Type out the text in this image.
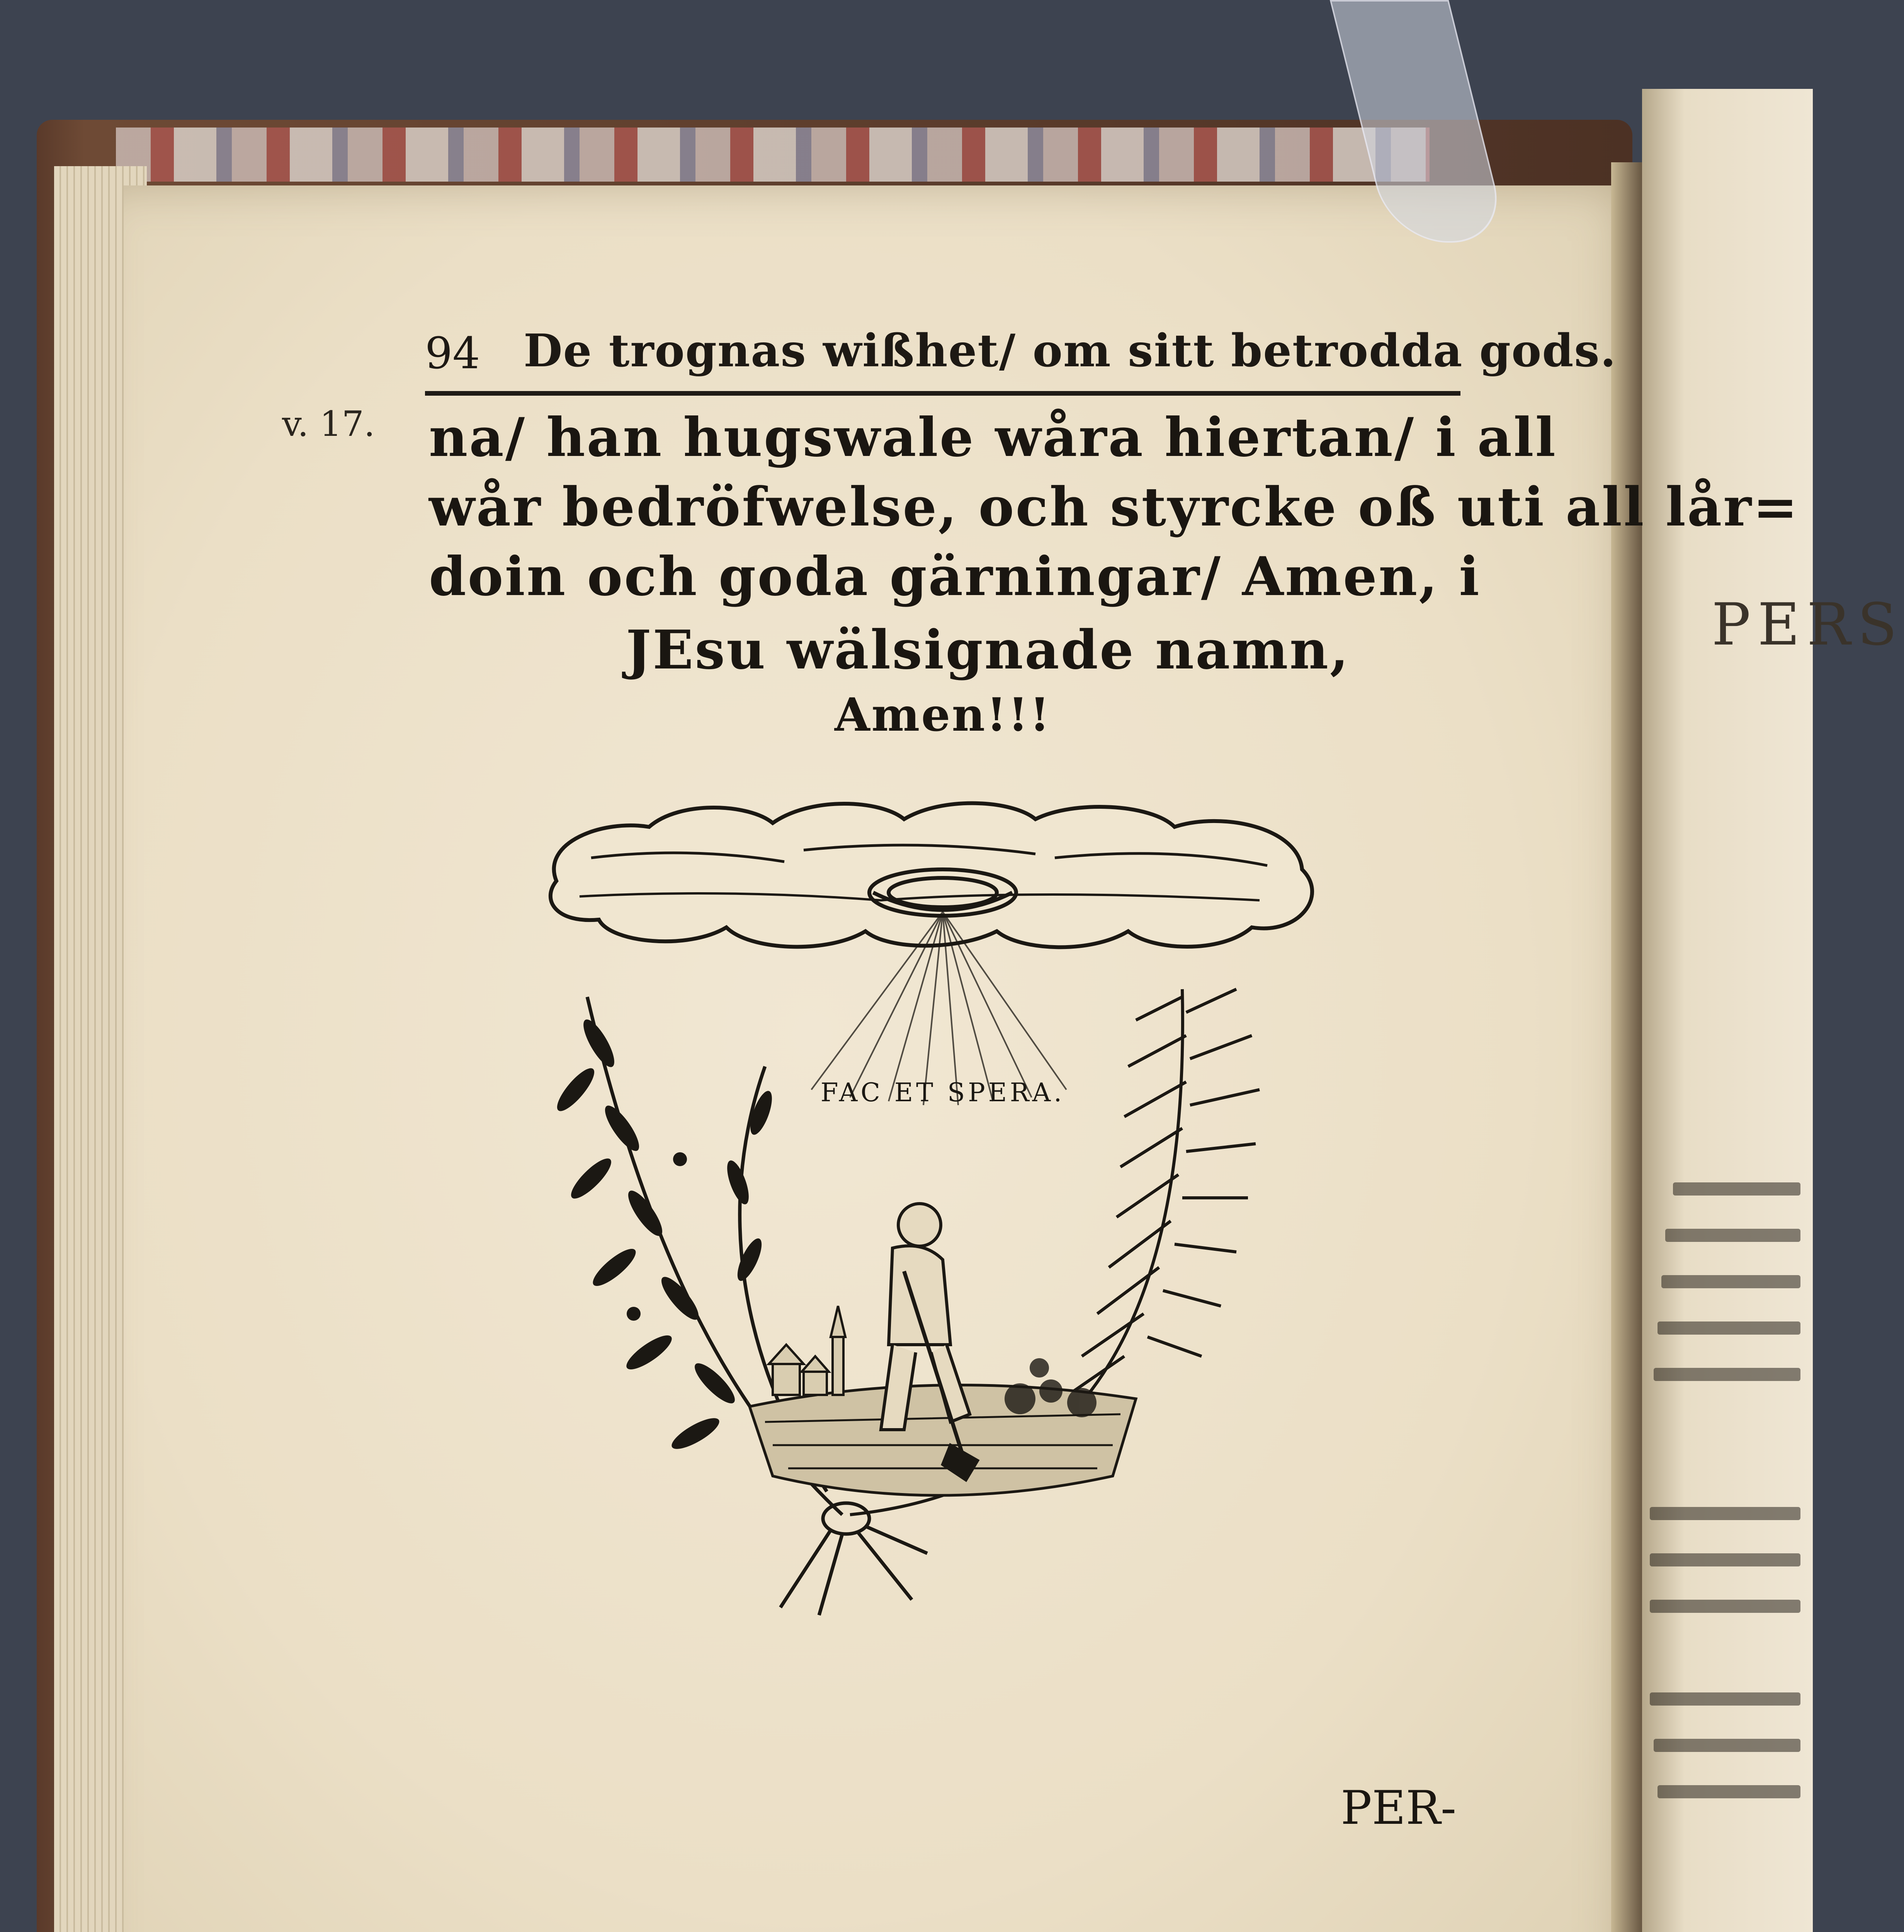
PERS
94 De trognas wißhet/ om sitt betrodda gods.
v. 17. na/ han hugswale wåra hiertan/ i all
wår bedröfwelse, och styrcke oß uti all lår=
doin och goda gärningar/ Amen, i
JEsu wälsignade namn,
Amen!!!
FAC ET SPERA.
PER-
